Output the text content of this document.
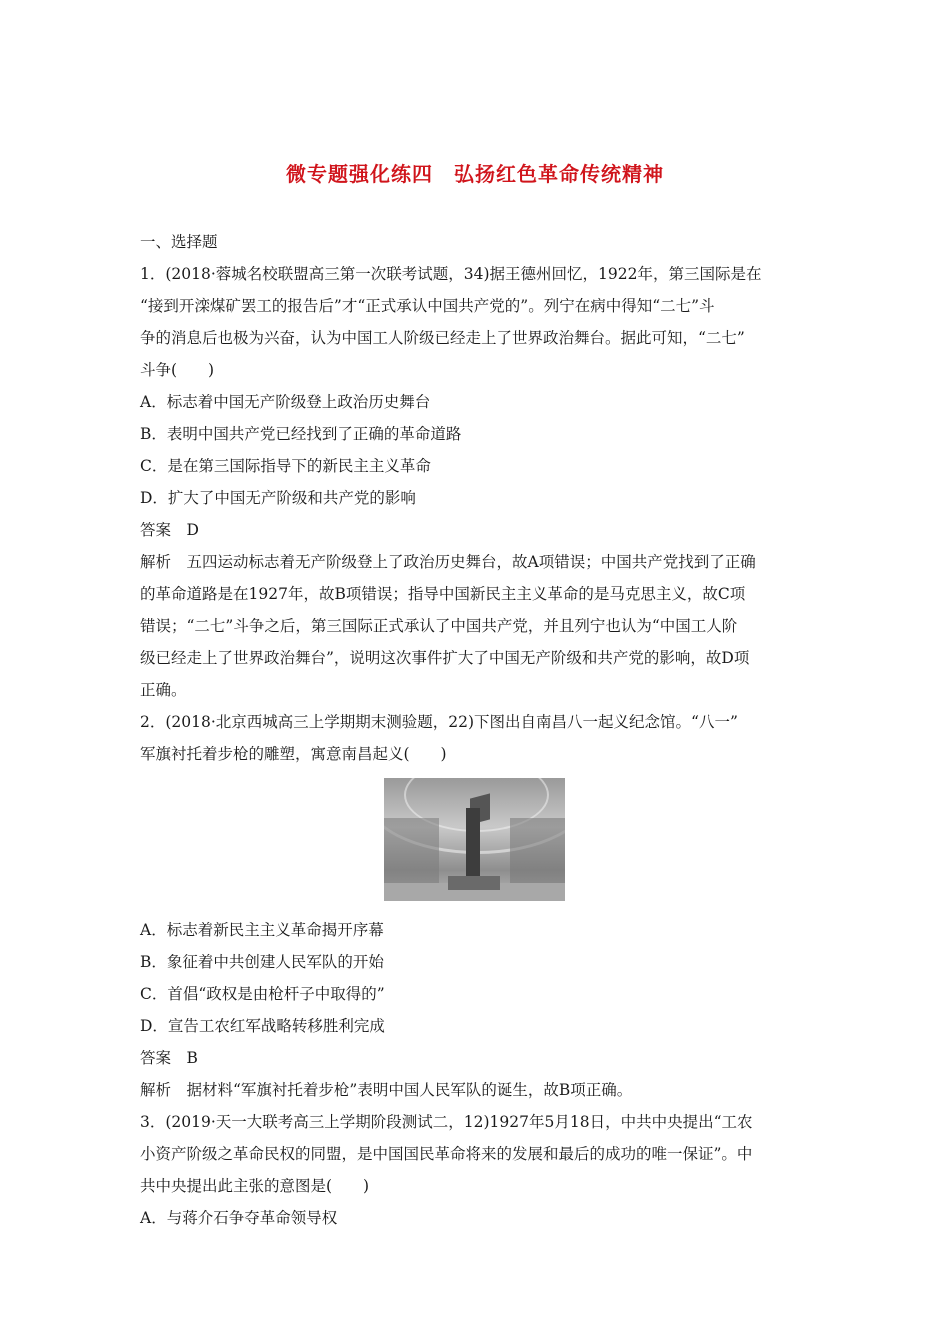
微专题强化练四　弘扬红色革命传统精神
一、选择题
1．(2018·蓉城名校联盟高三第一次联考试题，34)据王德州回忆，1922年，第三国际是在
“接到开滦煤矿罢工的报告后”才“正式承认中国共产党的”。列宁在病中得知“二七”斗
争的消息后也极为兴奋，认为中国工人阶级已经走上了世界政治舞台。据此可知，“二七”
斗争(　　)
A．标志着中国无产阶级登上政治历史舞台
B．表明中国共产党已经找到了正确的革命道路
C．是在第三国际指导下的新民主主义革命
D．扩大了中国无产阶级和共产党的影响
答案　D
解析　五四运动标志着无产阶级登上了政治历史舞台，故A项错误；中国共产党找到了正确
的革命道路是在1927年，故B项错误；指导中国新民主主义革命的是马克思主义，故C项
错误；“二七”斗争之后，第三国际正式承认了中国共产党，并且列宁也认为“中国工人阶
级已经走上了世界政治舞台”，说明这次事件扩大了中国无产阶级和共产党的影响，故D项
正确。
2．(2018·北京西城高三上学期期末测验题，22)下图出自南昌八一起义纪念馆。“八一”
军旗衬托着步枪的雕塑，寓意南昌起义(　　)
A．标志着新民主主义革命揭开序幕
B．象征着中共创建人民军队的开始
C．首倡“政权是由枪杆子中取得的”
D．宣告工农红军战略转移胜利完成
答案　B
解析　据材料“军旗衬托着步枪”表明中国人民军队的诞生，故B项正确。
3．(2019·天一大联考高三上学期阶段测试二，12)1927年5月18日，中共中央提出“工农
小资产阶级之革命民权的同盟，是中国国民革命将来的发展和最后的成功的唯一保证”。中
共中央提出此主张的意图是(　　)
A．与蒋介石争夺革命领导权
